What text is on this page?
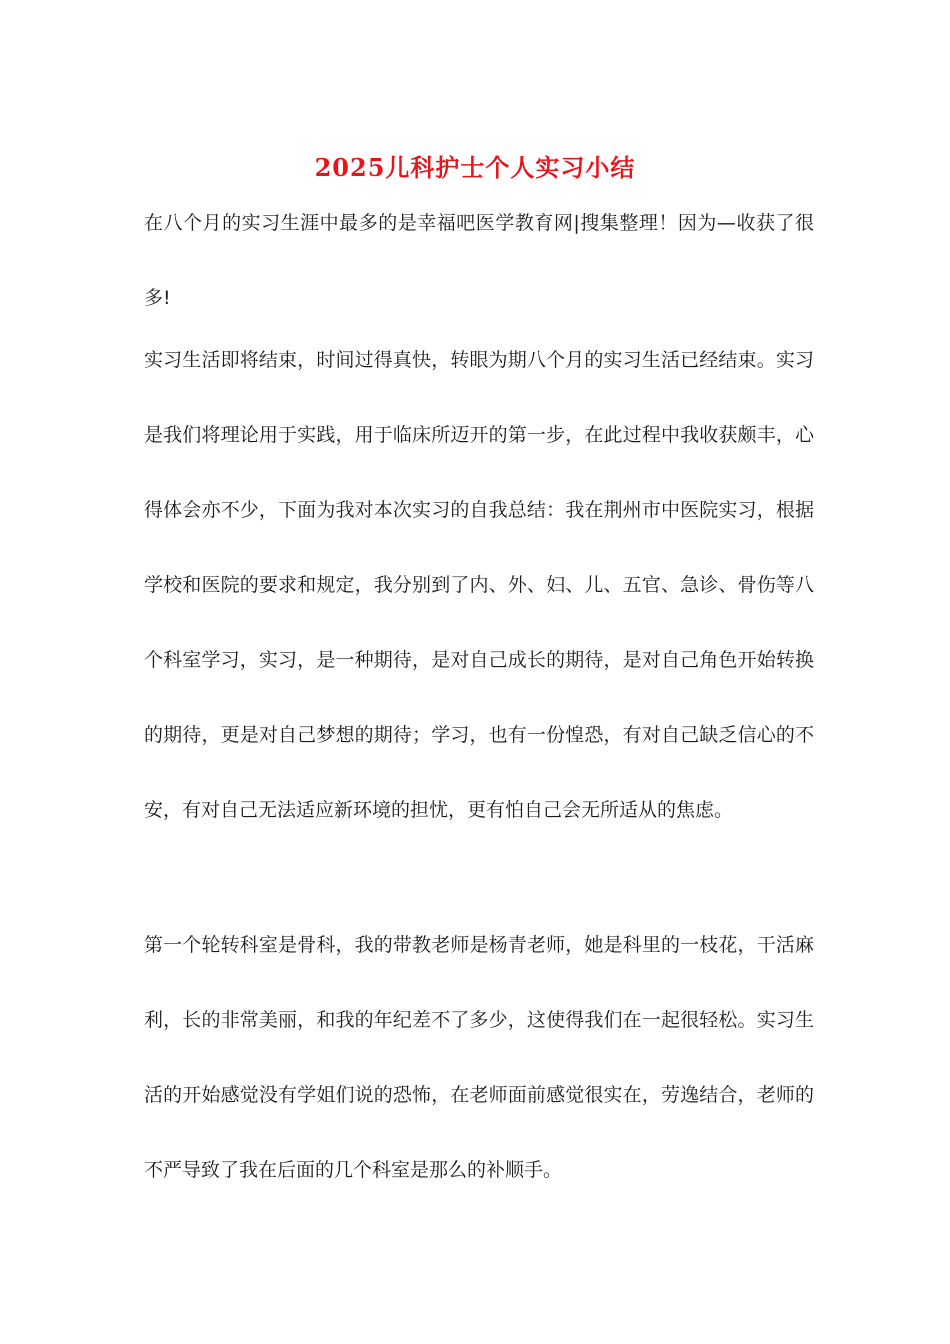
2025儿科护士个人实习小结

在八个月的实习生涯中最多的是幸福吧医学教育网|搜集整理！因为—收获了很多!

实习生活即将结束，时间过得真快，转眼为期八个月的实习生活已经结束。实习是我们将理论用于实践，用于临床所迈开的第一步，在此过程中我收获颇丰，心得体会亦不少，下面为我对本次实习的自我总结：我在荆州市中医院实习，根据学校和医院的要求和规定，我分别到了内、外、妇、儿、五官、急诊、骨伤等八个科室学习，实习，是一种期待，是对自己成长的期待，是对自己角色开始转换的期待，更是对自己梦想的期待；学习，也有一份惶恐，有对自己缺乏信心的不安，有对自己无法适应新环境的担忧，更有怕自己会无所适从的焦虑。

第一个轮转科室是骨科，我的带教老师是杨青老师，她是科里的一枝花，干活麻利，长的非常美丽，和我的年纪差不了多少，这使得我们在一起很轻松。实习生活的开始感觉没有学姐们说的恐怖，在老师面前感觉很实在，劳逸结合，老师的不严导致了我在后面的几个科室是那么的补顺手。
